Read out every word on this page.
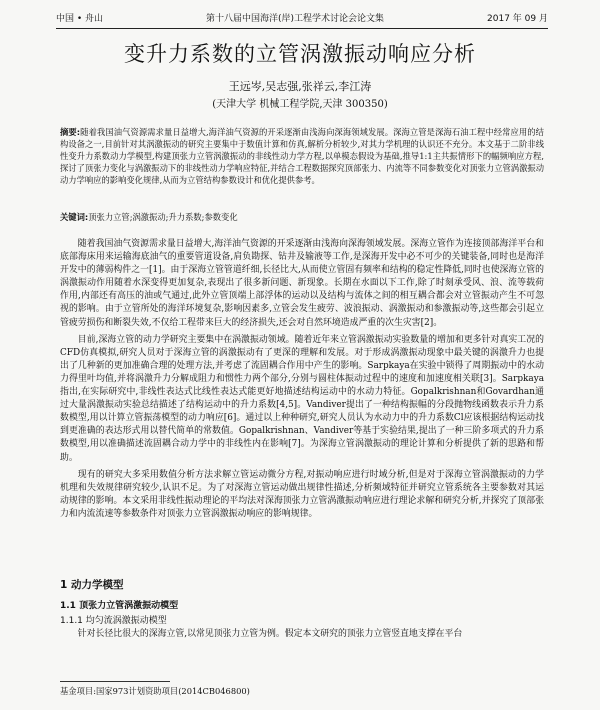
中国 • 舟山	第十八届中国海洋(岸)工程学术讨论会论文集	2017 年 09 月
变升力系数的立管涡激振动响应分析
王远岑,吴志强,张祥云,李江涛
(天津大学 机械工程学院,天津 300350)
摘要:随着我国油气资源需求量日益增大,海洋油气资源的开采逐渐由浅海向深海领域发展。深海立管是深海石油工程中经常应用的结构设备之一,目前针对其涡激振动的研究主要集中于数值计算和仿真,解析分析较少,对其力学机理的认识还不充分。本文基于二阶非线性变升力系数动力学模型,构建顶张力立管涡激振动的非线性动力学方程,以单模态假设为基础,推导1:1主共振情形下的幅频响应方程,探讨了顶张力变化与涡激振动下的非线性动力学响应特征,并结合工程数据探究顶部张力、内流等不同参数变化对顶张力立管涡激振动动力学响应的影响变化规律,从而为立管结构参数设计和优化提供参考。
关键词:顶张力立管;涡激振动;升力系数;参数变化

随着我国油气资源需求量日益增大,海洋油气资源的开采逐渐由浅海向深海领域发展。深海立管作为连接顶部海洋平台和底部海床用来运输海底油气的重要管道设备,肩负勘探、钻井及输液等工作,是深海开发中必不可少的关键装备,同时也是海洋开发中的薄弱构件之一[1]。由于深海立管管道纤细,长径比大,从而使立管固有频率和结构的稳定性降低,同时也使深海立管的涡激振动作用随着水深变得更加复杂,表现出了很多新问题、新现象。长期在水面以下工作,除了时刻承受风、浪、流等载荷作用,内部还有高压的油或气通过,此外立管顶端上部浮体的运动以及结构与流体之间的相互耦合都会对立管振动产生不可忽视的影响。由于立管所处的海洋环境复杂,影响因素多,立管会发生疲劳、波浪振动、涡激振动和参激振动等,这些都会引起立管疲劳损伤和断裂失效,不仅给工程带来巨大的经济损失,还会对自然环境造成严重的次生灾害[2]。

目前,深海立管的动力学研究主要集中在涡激振动领域。随着近年来立管涡激振动实验数量的增加和更多针对真实工况的CFD仿真模拟,研究人员对于深海立管的涡激振动有了更深的理解和发展。对于形成涡激振动现象中最关键的涡激升力也提出了几种新的更加准确合理的处理方法,并考虑了流固耦合作用中产生的影响。Sarpkaya在实验中锁得了周期振动中的水动力得里叶均值,并将涡激升力分解成阻力和惯性力两个部分,分别与圆柱体振动过程中的速度和加速度相关联[3]。Sarpkaya指出,在实际研究中,非线性表达式比线性表达式能更好地描述结构运动中的水动力特征。Gopalkrishnan和Govardhan通过大量涡激振动实验总结描述了结构运动中的升力系数[4,5]。Vandiver提出了一种结构振幅的分段抛物线函数表示升力系数模型,用以计算立管振荡模型的动力响应[6]。通过以上种种研究,研究人员认为水动力中的升力系数Cl应该根据结构运动找到更准确的表达形式用以替代简单的常数值。Gopalkrishnan、Vandiver等基于实验结果,提出了一种三阶多项式的升力系数模型,用以准确描述流固耦合动力学中的非线性内在影响[7]。为深海立管涡激振动的理论计算和分析提供了新的思路和帮助。

现有的研究大多采用数值分析方法求解立管运动微分方程,对振动响应进行时域分析,但是对于深海立管涡激振动的力学机理和失效规律研究较少,认识不足。为了对深海立管运动做出规律性描述,分析频域特征并研究立管系统各主要参数对其运动规律的影响。本文采用非线性振动理论的平均法对深海顶张力立管涡激振动响应进行理论求解和研究分析,并探究了顶部张力和内流流速等参数条件对顶张力立管涡激振动响应的影响规律。

1 动力学模型
1.1 顶张力立管涡激振动模型
1.1.1 均匀流涡激振动模型
针对长径比很大的深海立管,以常见顶张力立管为例。假定本文研究的顶张力立管竖直地支撑在平台
基金项目:国家973计划资助项目(2014CB046800)
